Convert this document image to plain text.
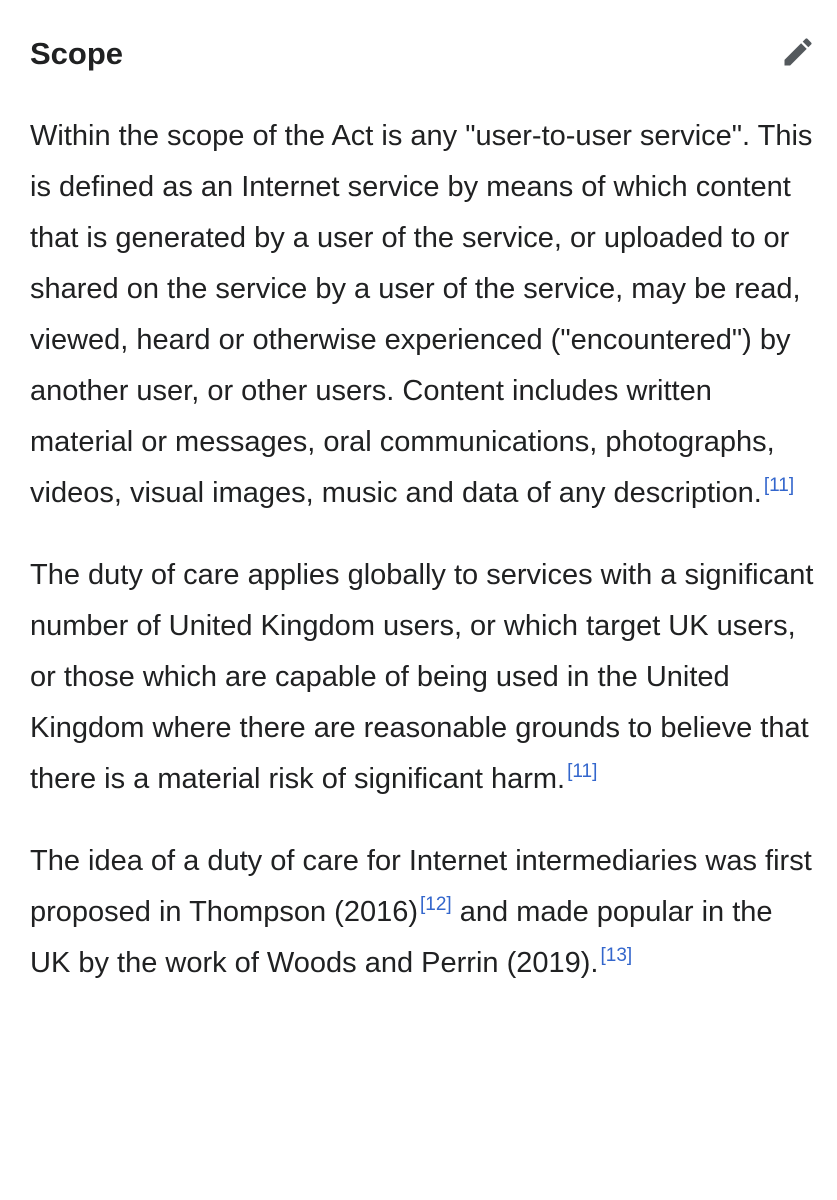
Scope

Within the scope of the Act is any "user-to-user service". This is defined as an Internet service by means of which content that is generated by a user of the service, or uploaded to or shared on the service by a user of the service, may be read, viewed, heard or otherwise experienced ("encountered") by another user, or other users. Content includes written material or messages, oral communications, photographs, videos, visual images, music and data of any description. [11]

The duty of care applies globally to services with a significant number of United Kingdom users, or which target UK users, or those which are capable of being used in the United Kingdom where there are reasonable grounds to believe that there is a material risk of significant harm. [11]

The idea of a duty of care for Internet intermediaries was first proposed in Thompson (2016) [12] and made popular in the UK by the work of Woods and Perrin (2019). [13]
